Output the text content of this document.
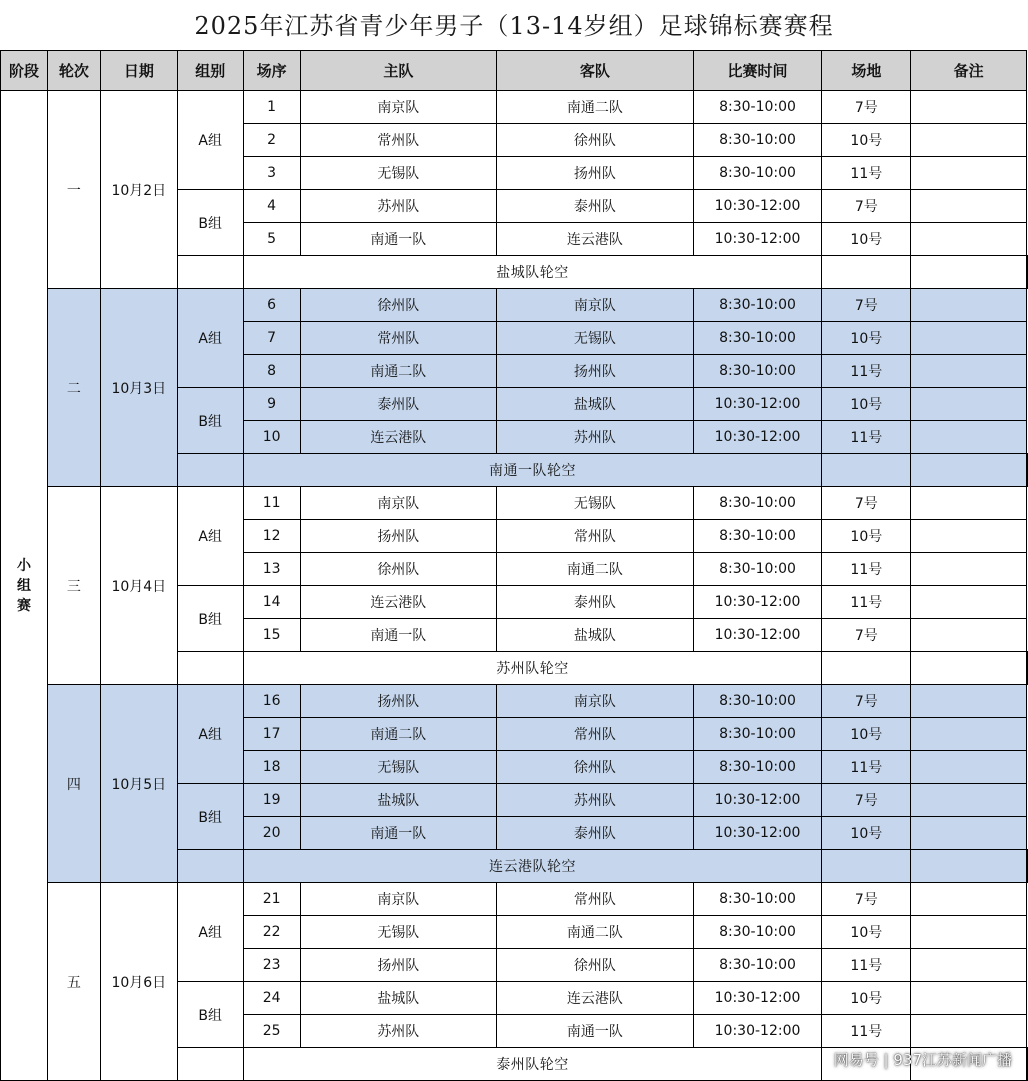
2025年江苏省青少年男子（13-14岁组）足球锦标赛赛程
阶段	轮次	日期	组别	场序	主队	客队	比赛时间	场地	备注	
小组赛	一	10月2日	A组	1	南京队	南通二队	8:30-10:00	7号		
				2	常州队	徐州队	8:30-10:00	10号		
				3	无锡队	扬州队	8:30-10:00	11号		
			B组	4	苏州队	泰州队	10:30-12:00	7号		
				5	南通一队	连云港队	10:30-12:00	10号		
				盐城队轮空						
	二	10月3日	A组	6	徐州队	南京队	8:30-10:00	7号		
				7	常州队	无锡队	8:30-10:00	10号		
				8	南通二队	扬州队	8:30-10:00	11号		
			B组	9	泰州队	盐城队	10:30-12:00	10号		
				10	连云港队	苏州队	10:30-12:00	11号		
				南通一队轮空						
	三	10月4日	A组	11	南京队	无锡队	8:30-10:00	7号		
				12	扬州队	常州队	8:30-10:00	10号		
				13	徐州队	南通二队	8:30-10:00	11号		
			B组	14	连云港队	泰州队	10:30-12:00	11号		
				15	南通一队	盐城队	10:30-12:00	7号		
				苏州队轮空						
	四	10月5日	A组	16	扬州队	南京队	8:30-10:00	7号		
				17	南通二队	常州队	8:30-10:00	10号		
				18	无锡队	徐州队	8:30-10:00	11号		
			B组	19	盐城队	苏州队	10:30-12:00	7号		
				20	南通一队	泰州队	10:30-12:00	10号		
				连云港队轮空						
	五	10月6日	A组	21	南京队	常州队	8:30-10:00	7号		
				22	无锡队	南通二队	8:30-10:00	10号		
				23	扬州队	徐州队	8:30-10:00	11号		
			B组	24	盐城队	连云港队	10:30-12:00	10号		
				25	苏州队	南通一队	10:30-12:00	11号		
				泰州队轮空							网易号 | 937江苏新闻广播
